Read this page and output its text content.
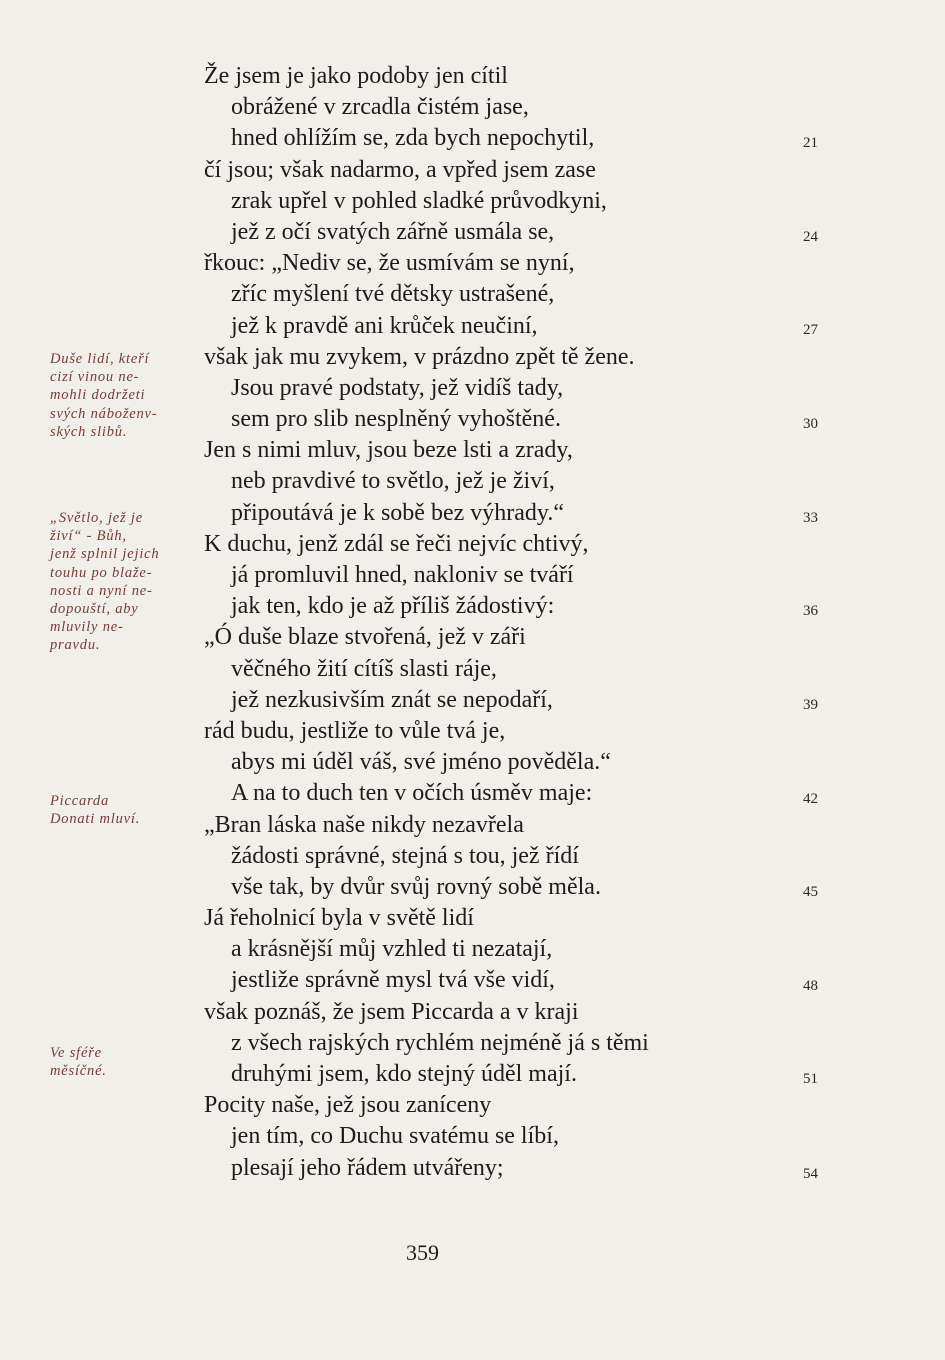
Že jsem je jako podoby jen cítil
obrážené v zrcadla čistém jase,
hned ohlížím se, zda bych nepochytil,
čí jsou; však nadarmo, a vpřed jsem zase
zrak upřel v pohled sladké průvodkyni,
jež z očí svatých zářně usmála se,
řkouc: „Nediv se, že usmívám se nyní,
zříc myšlení tvé dětsky ustrašené,
jež k pravdě ani krůček neučiní,
však jak mu zvykem, v prázdno zpět tě žene.
Jsou pravé podstaty, jež vidíš tady,
sem pro slib nesplněný vyhoštěné.
Jen s nimi mluv, jsou beze lsti a zrady,
neb pravdivé to světlo, jež je živí,
připoutává je k sobě bez výhrady.“
K duchu, jenž zdál se řeči nejvíc chtivý,
já promluvil hned, nakloniv se tváří
jak ten, kdo je až příliš žádostivý:
„Ó duše blaze stvořená, jež v záři
věčného žití cítíš slasti ráje,
jež nezkusivším znát se nepodaří,
rád budu, jestliže to vůle tvá je,
abys mi úděl váš, své jméno pověděla.“
A na to duch ten v očích úsměv maje:
„Bran láska naše nikdy nezavřela
žádosti správné, stejná s tou, jež řídí
vše tak, by dvůr svůj rovný sobě měla.
Já řeholnicí byla v světě lidí
a krásnější můj vzhled ti nezatají,
jestliže správně mysl tvá vše vidí,
však poznáš, že jsem Piccarda a v kraji
z všech rajských rychlém nejméně já s těmi
druhými jsem, kdo stejný úděl mají.
Pocity naše, jež jsou zaníceny
jen tím, co Duchu svatému se líbí,
plesají jeho řádem utvářeny;
21
24
27
30
33
36
39
42
45
48
51
54
Duše lidí, kteří
cizí vinou ne-
mohli dodržeti
svých náboženv-
ských slibů.
„Světlo, jež je
živí“ - Bůh,
jenž splnil jejich
touhu po blaže-
nosti a nyní ne-
dopouští, aby
mluvily ne-
pravdu.
Piccarda
Donati mluví.
Ve sféře
měsíčné.
359
